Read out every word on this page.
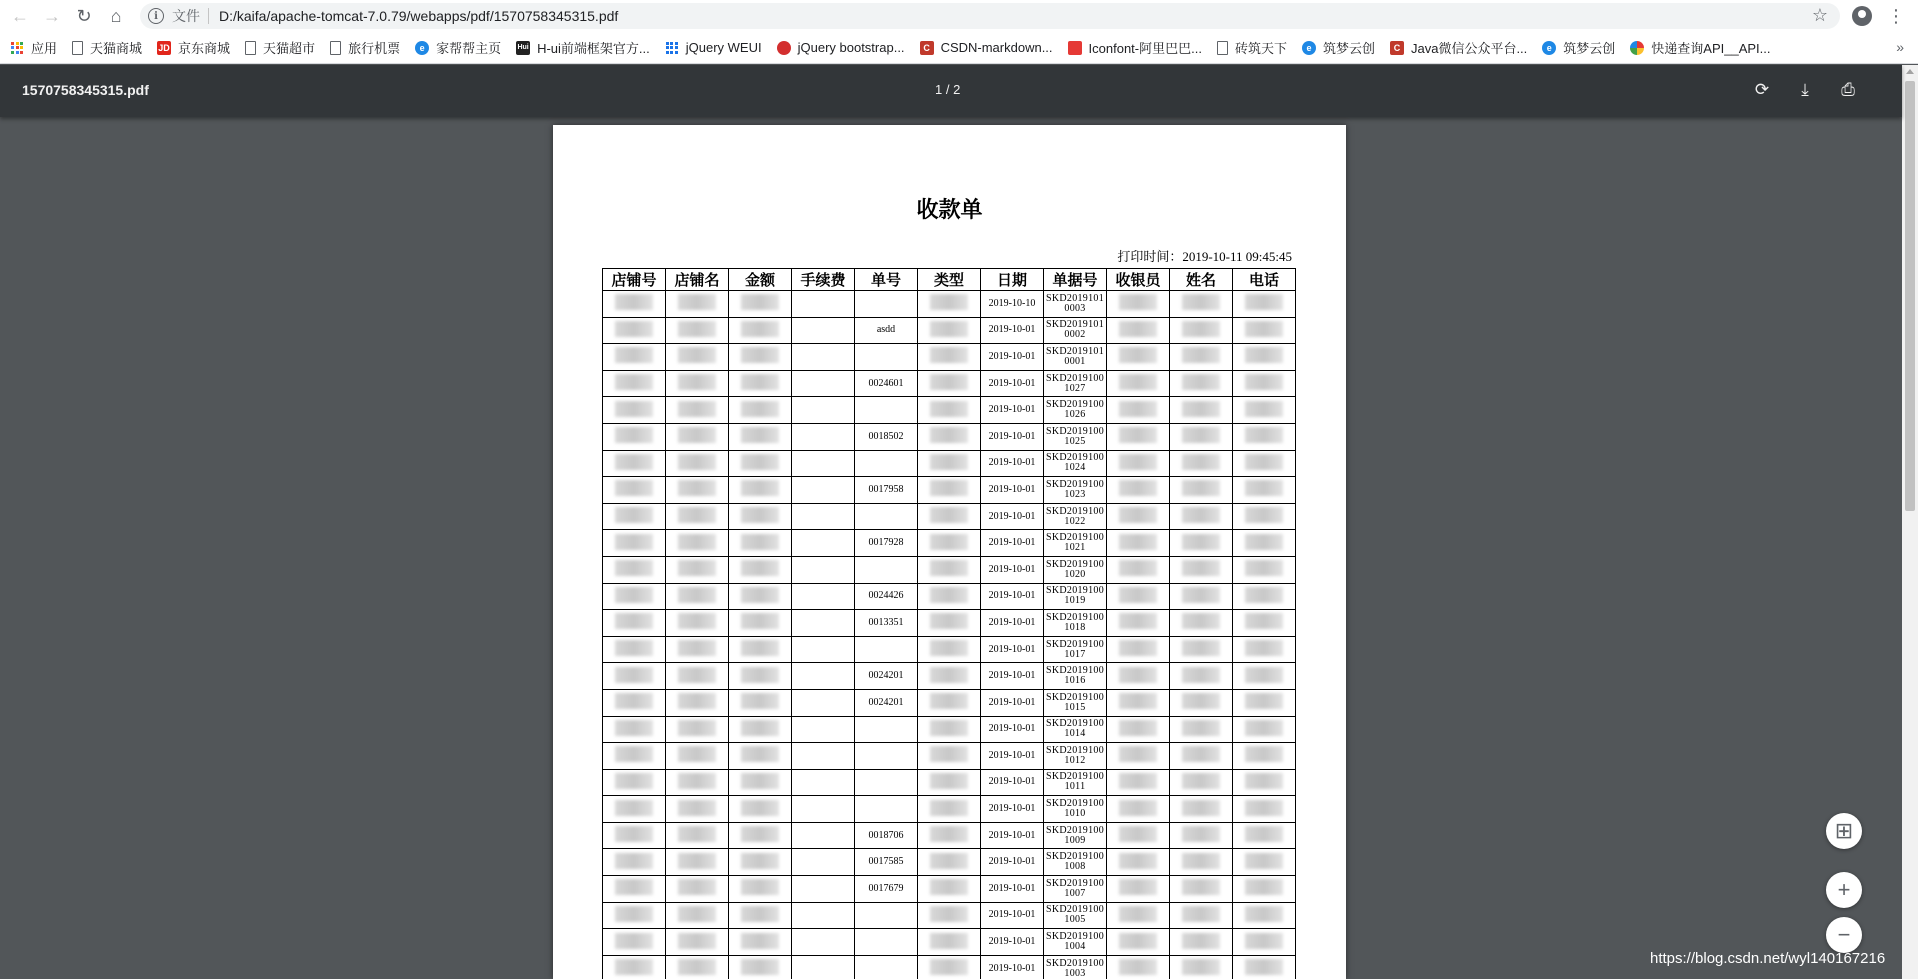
← → ↻	⌂	i	文件 D:/kaifa/apache-tomcat-7.0.79/webapps/pdf/1570758345315.pdf	☆	⋮
应用	天猫商城 JD 京东商城	天猫超市	旅行机票	e 家帮帮主页 Hui H-ui前端框架官方...	jQuery WEUI	jQuery bootstrap...	C CSDN-markdown...	Iconfont-阿里巴巴...	砖筑天下	e 筑梦云创	C Java微信公众平台...	e 筑梦云创	快递查询API__API...	»
1570758345315.pdf	1 / 2	⟳	⤓	⎙
收款单
打印时间：2019-10-11 09:45:45
店铺号	店铺名	金额	手续费	单号	类型	日期	单据号	收银员	姓名	电话
						2019-10-10	SKD2019101 0003			
				asdd		2019-10-01	SKD2019101 0002			
						2019-10-01	SKD2019101 0001			
				0024601		2019-10-01	SKD2019100 1027			
						2019-10-01	SKD2019100 1026			
				0018502		2019-10-01	SKD2019100 1025			
						2019-10-01	SKD2019100 1024			
				0017958		2019-10-01	SKD2019100 1023			
						2019-10-01	SKD2019100 1022			
				0017928		2019-10-01	SKD2019100 1021			
						2019-10-01	SKD2019100 1020			
				0024426		2019-10-01	SKD2019100 1019			
				0013351		2019-10-01	SKD2019100 1018			
						2019-10-01	SKD2019100 1017			
				0024201		2019-10-01	SKD2019100 1016			
				0024201		2019-10-01	SKD2019100 1015			
						2019-10-01	SKD2019100 1014			
						2019-10-01	SKD2019100 1012			
						2019-10-01	SKD2019100 1011			
						2019-10-01	SKD2019100 1010			
				0018706		2019-10-01	SKD2019100 1009			
				0017585		2019-10-01	SKD2019100 1008			
				0017679		2019-10-01	SKD2019100 1007			
						2019-10-01	SKD2019100 1005			
						2019-10-01	SKD2019100 1004			
						2019-10-01	SKD2019100 1003			
⊞
+
−
https://blog.csdn.net/wyl140167216
